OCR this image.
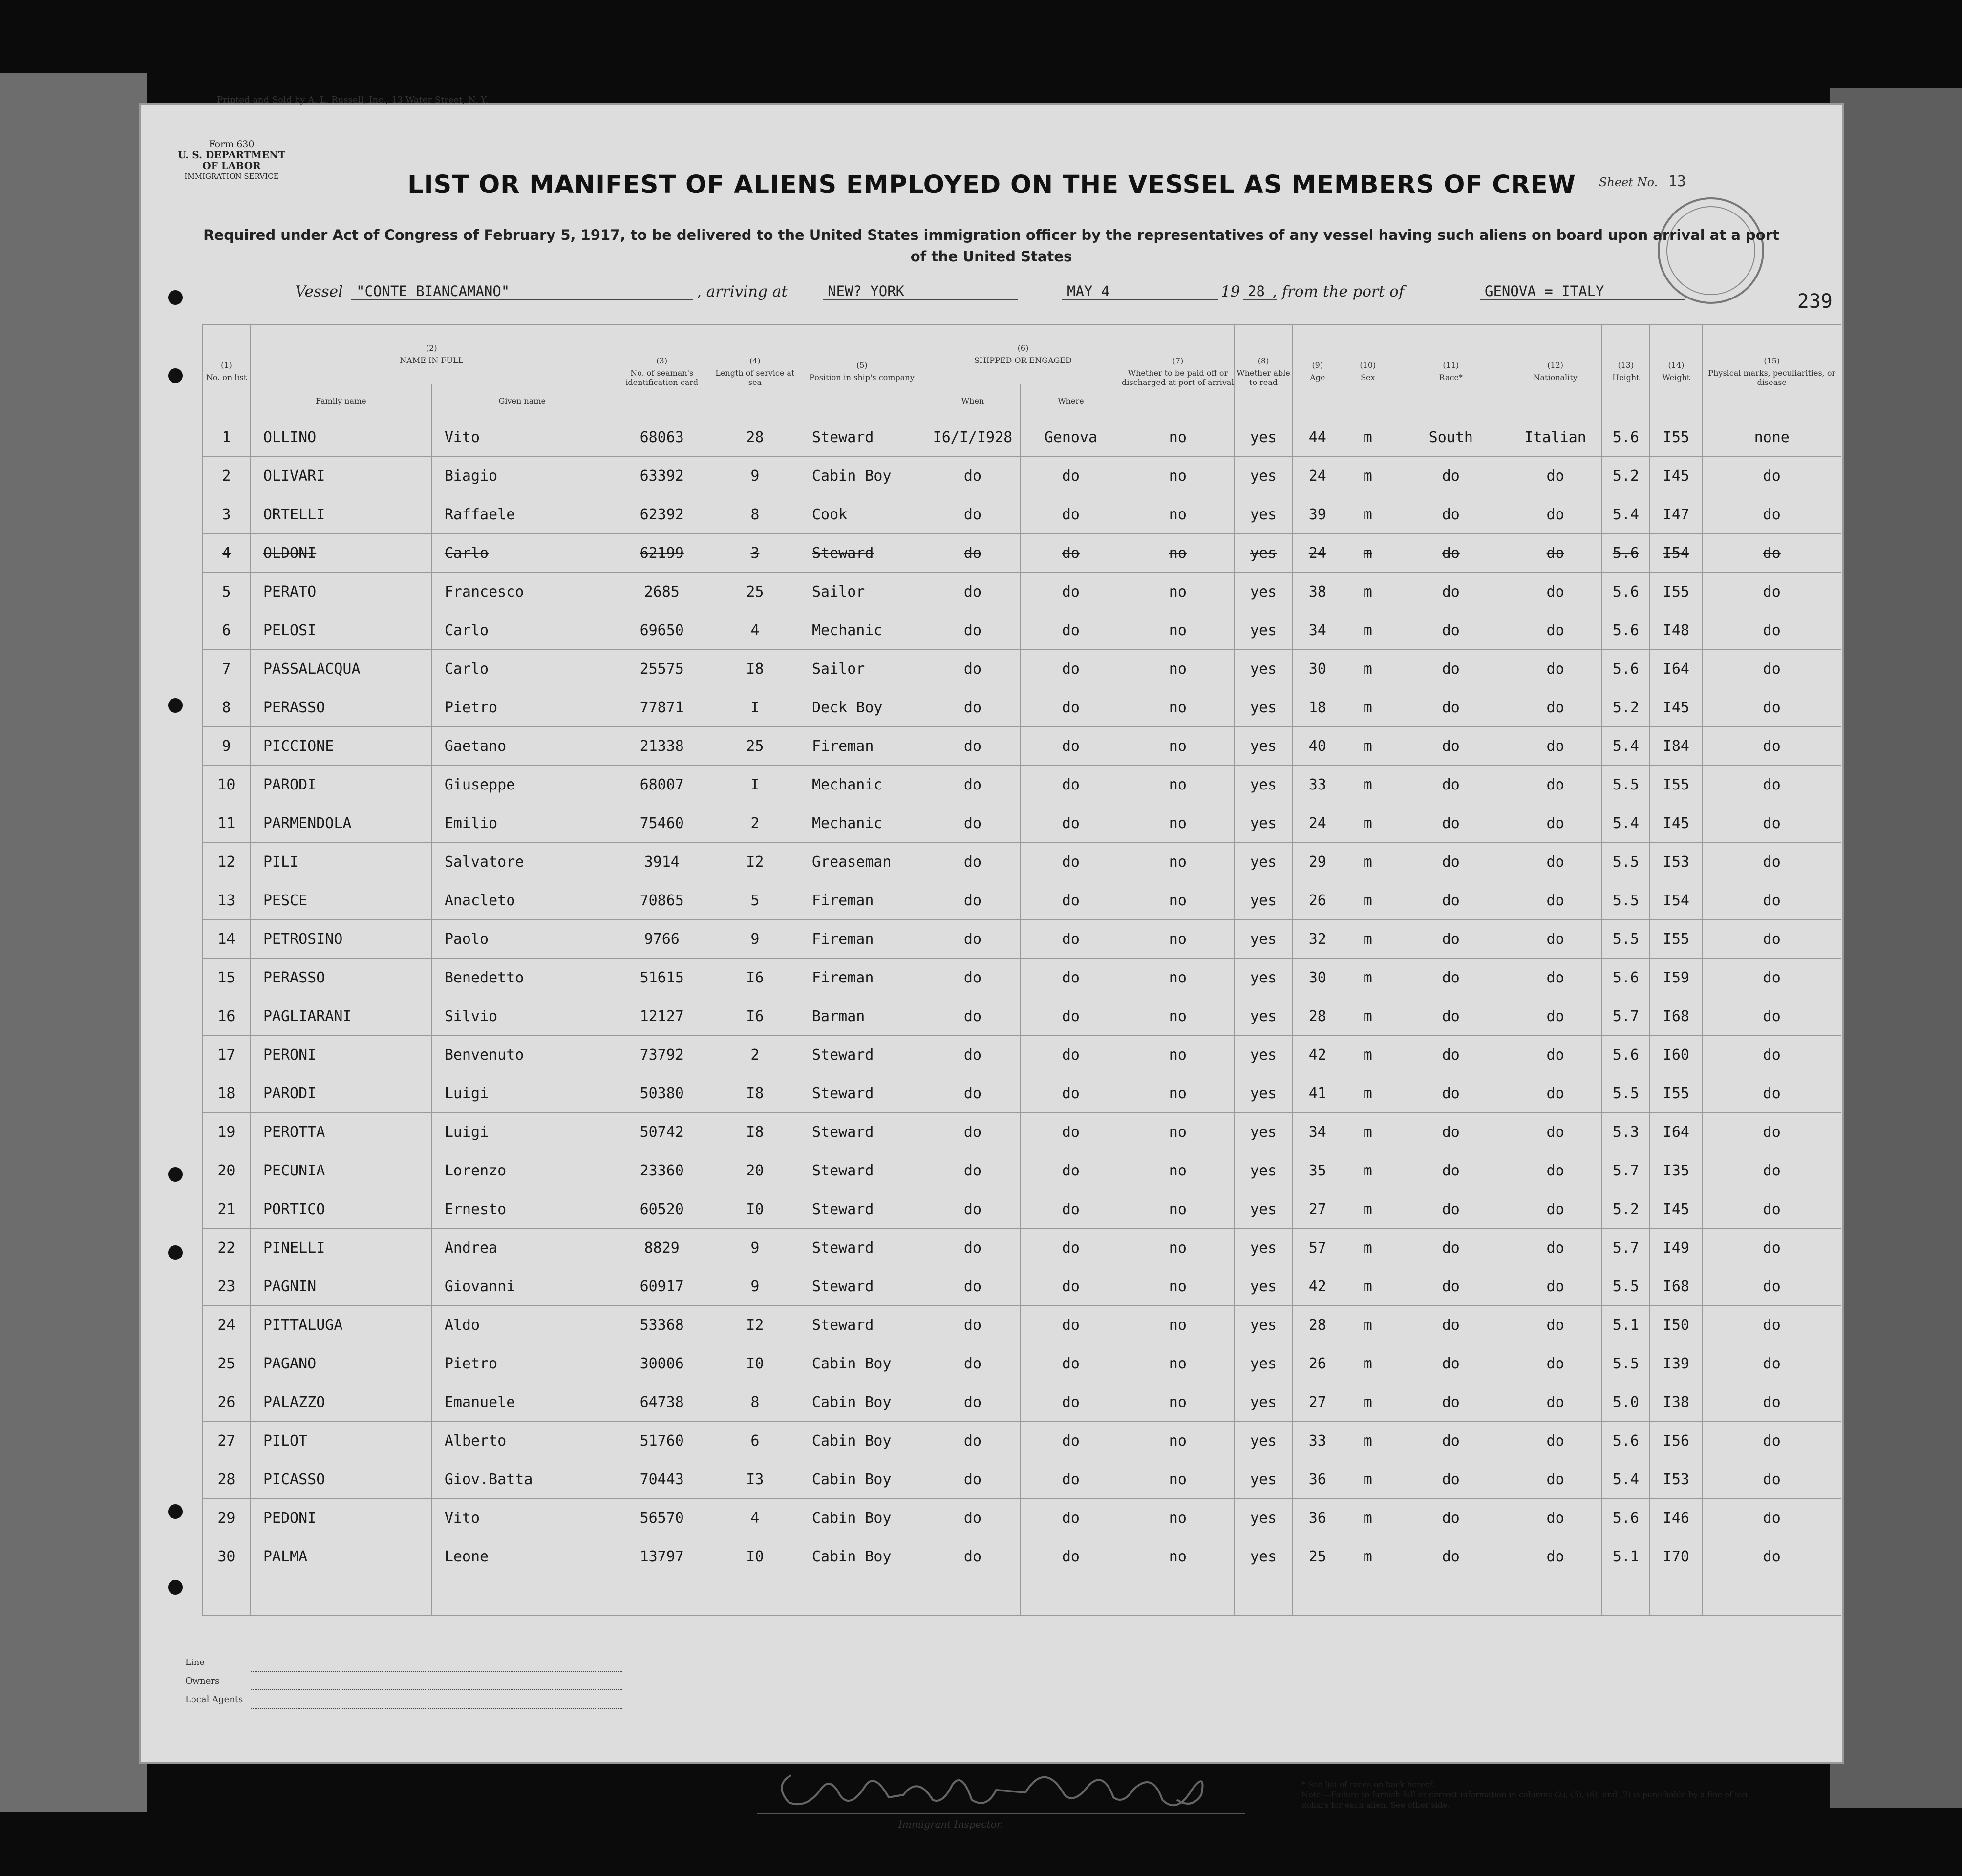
Printed and Sold by A. L. Russell, Inc., 13 Water Street, N. Y.
Form 630
U. S. DEPARTMENT OF LABOR
IMMIGRATION SERVICE	Sheet No. 13
239
LIST OR MANIFEST OF ALIENS EMPLOYED ON THE VESSEL AS MEMBERS OF CREW
Required under Act of Congress of February 5, 1917, to be delivered to the United States immigration officer by the representatives of any vessel having such aliens on board upon arrival at a port of the United States
Vessel "CONTE BIANCAMANO"	, arriving at	NEW? YORK	MAY 4	19 28 , from the port of	GENOVA = ITALY
(1)
No. on list	(2)
NAME IN FULL		(3)
No. of seaman's identification card	(4)
Length of service at sea	(5)
Position in ship's company	(6)
SHIPPED OR ENGAGED		(7)
Whether to be paid off or discharged at port of arrival	(8)
Whether able to read	(9)
Age	(10)
Sex	(11)
Race*	(12)
Nationality	(13)
Height	(14)
Weight	(15)
Physical marks, peculiarities, or disease
	Family name	Given name				When	Where									
1	OLLINO	Vito	68063	28	Steward	I6/I/I928	Genova	no	yes	44	m	South	Italian	5.6	I55	none
2	OLIVARI	Biagio	63392	9	Cabin Boy	do	do	no	yes	24	m	do	do	5.2	I45	do
3	ORTELLI	Raffaele	62392	8	Cook	do	do	no	yes	39	m	do	do	5.4	I47	do
4	OLDONI	Carlo	62199	3	Steward	do	do	no	yes	24	m	do	do	5.6	I54	do
5	PERATO	Francesco	2685	25	Sailor	do	do	no	yes	38	m	do	do	5.6	I55	do
6	PELOSI	Carlo	69650	4	Mechanic	do	do	no	yes	34	m	do	do	5.6	I48	do
7	PASSALACQUA	Carlo	25575	I8	Sailor	do	do	no	yes	30	m	do	do	5.6	I64	do
8	PERASSO	Pietro	77871	I	Deck Boy	do	do	no	yes	18	m	do	do	5.2	I45	do
9	PICCIONE	Gaetano	21338	25	Fireman	do	do	no	yes	40	m	do	do	5.4	I84	do
10	PARODI	Giuseppe	68007	I	Mechanic	do	do	no	yes	33	m	do	do	5.5	I55	do
11	PARMENDOLA	Emilio	75460	2	Mechanic	do	do	no	yes	24	m	do	do	5.4	I45	do
12	PILI	Salvatore	3914	I2	Greaseman	do	do	no	yes	29	m	do	do	5.5	I53	do
13	PESCE	Anacleto	70865	5	Fireman	do	do	no	yes	26	m	do	do	5.5	I54	do
14	PETROSINO	Paolo	9766	9	Fireman	do	do	no	yes	32	m	do	do	5.5	I55	do
15	PERASSO	Benedetto	51615	I6	Fireman	do	do	no	yes	30	m	do	do	5.6	I59	do
16	PAGLIARANI	Silvio	12127	I6	Barman	do	do	no	yes	28	m	do	do	5.7	I68	do
17	PERONI	Benvenuto	73792	2	Steward	do	do	no	yes	42	m	do	do	5.6	I60	do
18	PARODI	Luigi	50380	I8	Steward	do	do	no	yes	41	m	do	do	5.5	I55	do
19	PEROTTA	Luigi	50742	I8	Steward	do	do	no	yes	34	m	do	do	5.3	I64	do
20	PECUNIA	Lorenzo	23360	20	Steward	do	do	no	yes	35	m	do	do	5.7	I35	do
21	PORTICO	Ernesto	60520	I0	Steward	do	do	no	yes	27	m	do	do	5.2	I45	do
22	PINELLI	Andrea	8829	9	Steward	do	do	no	yes	57	m	do	do	5.7	I49	do
23	PAGNIN	Giovanni	60917	9	Steward	do	do	no	yes	42	m	do	do	5.5	I68	do
24	PITTALUGA	Aldo	53368	I2	Steward	do	do	no	yes	28	m	do	do	5.1	I50	do
25	PAGANO	Pietro	30006	I0	Cabin Boy	do	do	no	yes	26	m	do	do	5.5	I39	do
26	PALAZZO	Emanuele	64738	8	Cabin Boy	do	do	no	yes	27	m	do	do	5.0	I38	do
27	PILOT	Alberto	51760	6	Cabin Boy	do	do	no	yes	33	m	do	do	5.6	I56	do
28	PICASSO	Giov.Batta	70443	I3	Cabin Boy	do	do	no	yes	36	m	do	do	5.4	I53	do
29	PEDONI	Vito	56570	4	Cabin Boy	do	do	no	yes	36	m	do	do	5.6	I46	do
30	PALMA	Leone	13797	I0	Cabin Boy	do	do	no	yes	25	m	do	do	5.1	I70	do

Line
Owners
Local Agents
Immigrant Inspector.
* See list of races on back hereof.
Note.—Failure to furnish full or correct information in columns (2), (5), (6), and (7) is punishable by a fine of ten dollars for each alien. See other side.
